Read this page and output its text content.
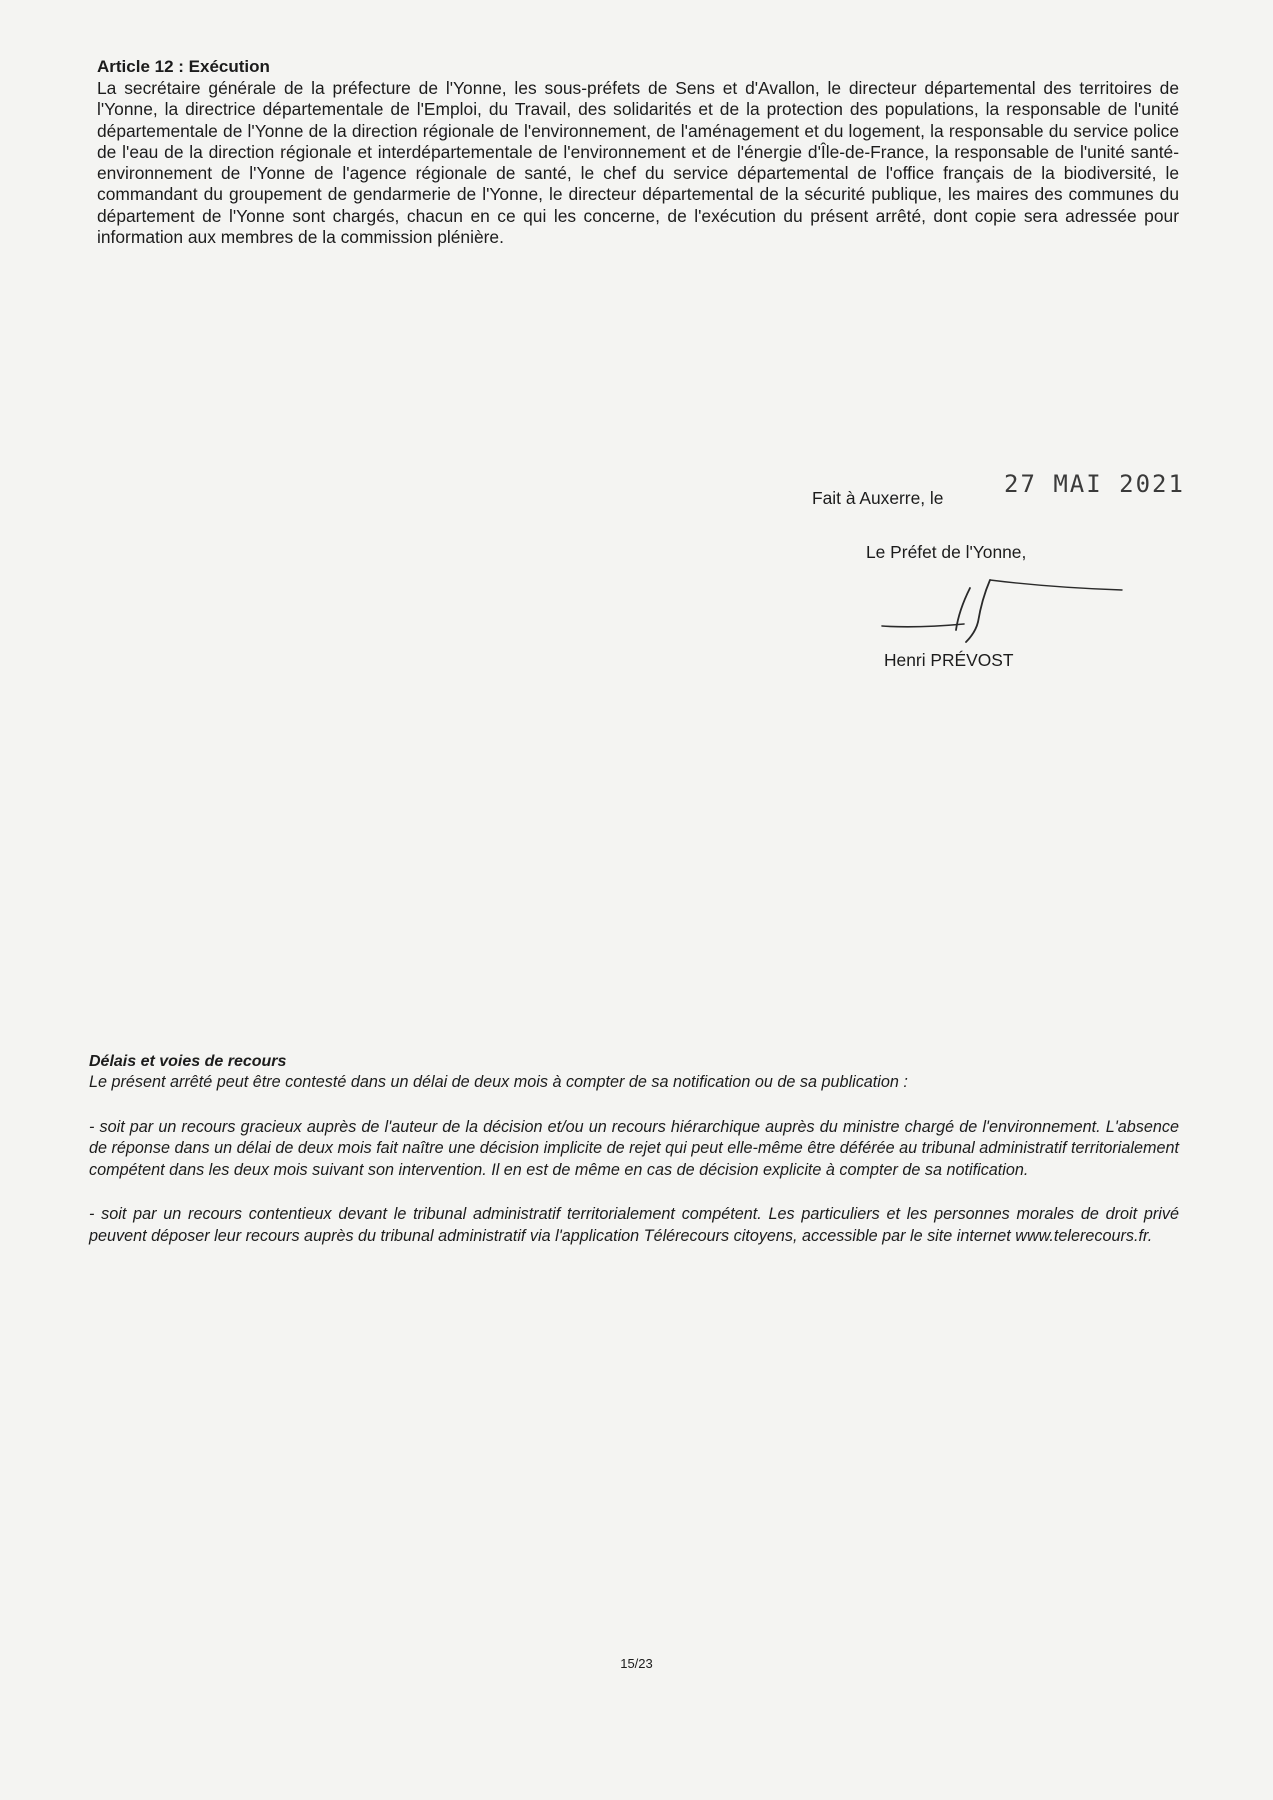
Article 12 : Exécution

La secrétaire générale de la préfecture de l'Yonne, les sous-préfets de Sens et d'Avallon, le directeur départemental des territoires de l'Yonne, la directrice départementale de l'Emploi, du Travail, des solidarités et de la protection des populations, la responsable de l'unité départementale de l'Yonne de la direction régionale de l'environnement, de l'aménagement et du logement, la responsable du service police de l'eau de la direction régionale et interdépartementale de l'environnement et de l'énergie d'Île-de-France, la responsable de l'unité santé-environnement de l'Yonne de l'agence régionale de santé, le chef du service départemental de l'office français de la biodiversité, le commandant du groupement de gendarmerie de l'Yonne, le directeur départemental de la sécurité publique, les maires des communes du département de l'Yonne sont chargés, chacun en ce qui les concerne, de l'exécution du présent arrêté, dont copie sera adressée pour information aux membres de la commission plénière.

Fait à Auxerre, le	27 MAI 2021
Le Préfet de l'Yonne,
Henri PRÉVOST

Délais et voies de recours

Le présent arrêté peut être contesté dans un délai de deux mois à compter de sa notification ou de sa publication :

- soit par un recours gracieux auprès de l'auteur de la décision et/ou un recours hiérarchique auprès du ministre chargé de l'environnement. L'absence de réponse dans un délai de deux mois fait naître une décision implicite de rejet qui peut elle-même être déférée au tribunal administratif territorialement compétent dans les deux mois suivant son intervention. Il en est de même en cas de décision explicite à compter de sa notification.

- soit par un recours contentieux devant le tribunal administratif territorialement compétent. Les particuliers et les personnes morales de droit privé peuvent déposer leur recours auprès du tribunal administratif via l'application Télérecours citoyens, accessible par le site internet www.telerecours.fr.

15/23
